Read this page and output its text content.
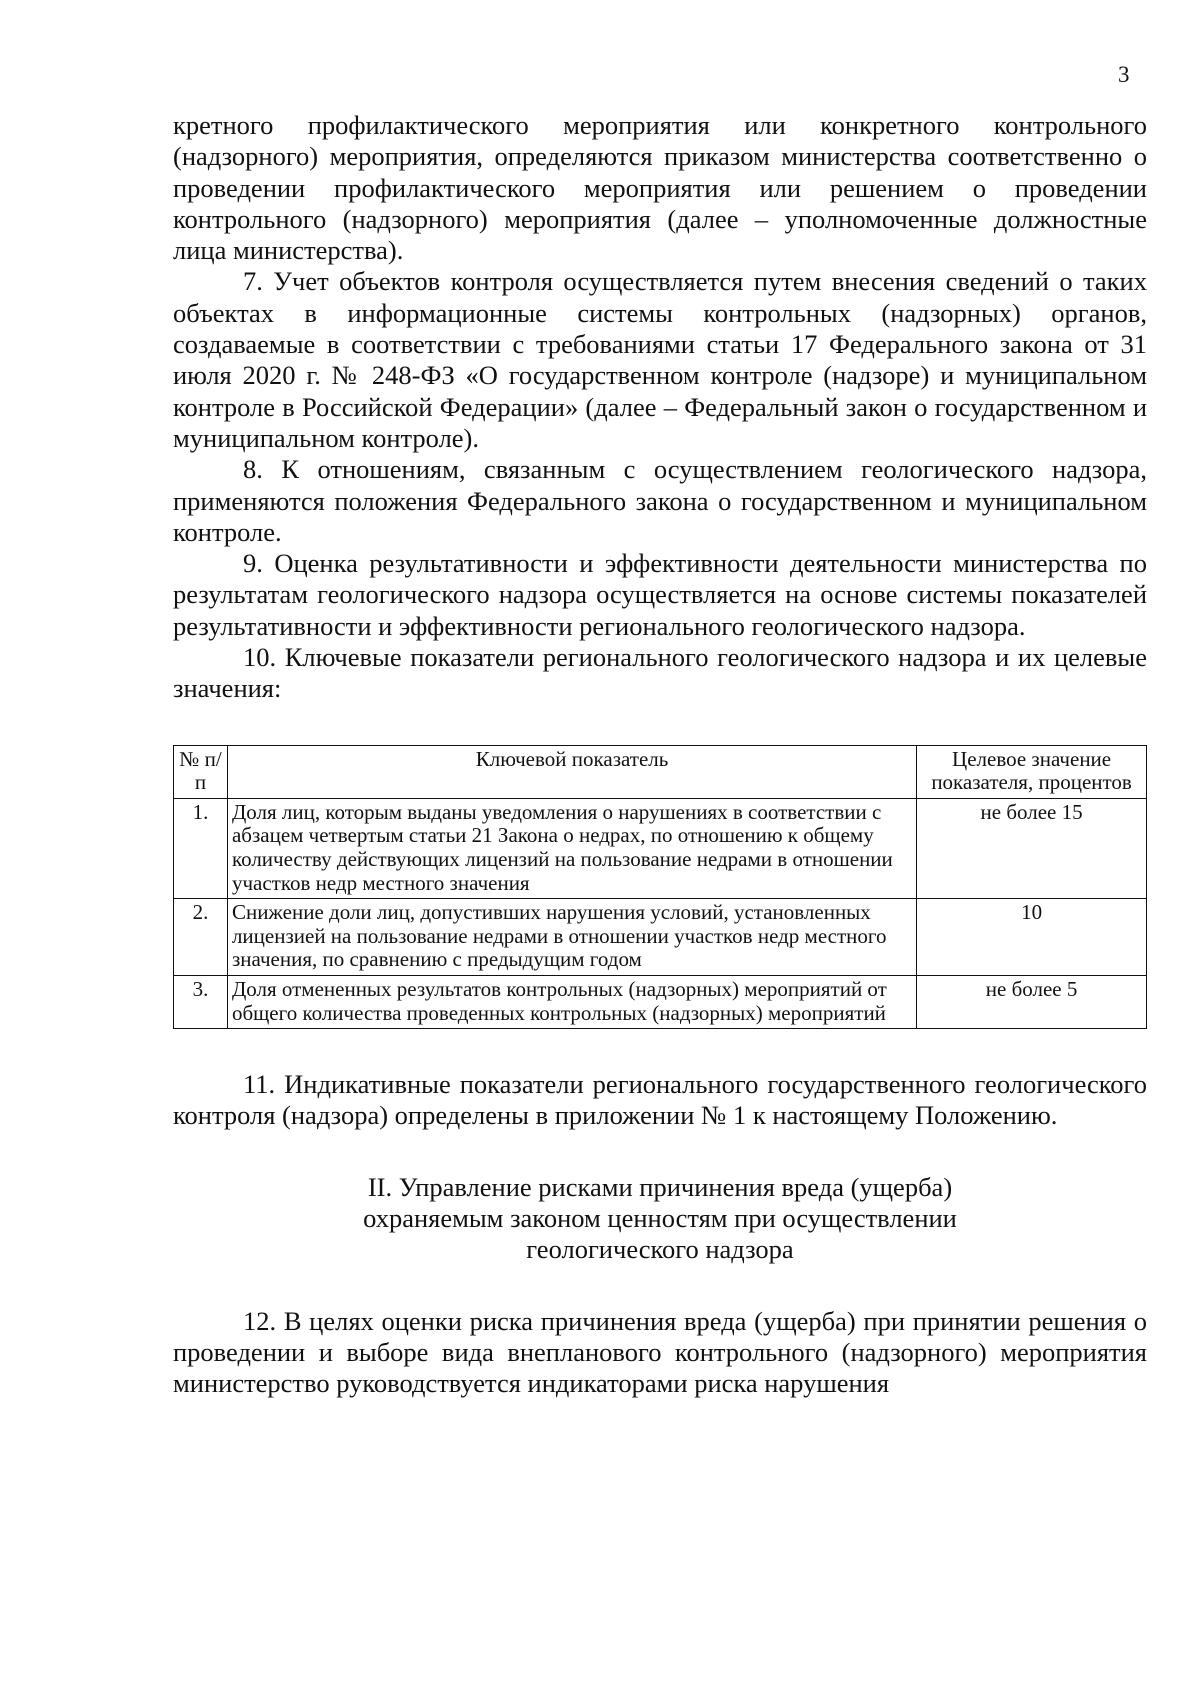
3

кретного профилактического мероприятия или конкретного контрольного (надзорного) мероприятия, определяются приказом министерства соответственно о проведении профилактического мероприятия или решением о проведении контрольного (надзорного) мероприятия (далее – уполномоченные должностные лица министерства).

7. Учет объектов контроля осуществляется путем внесения сведений о таких объектах в информационные системы контрольных (надзорных) органов, создаваемые в соответствии с требованиями статьи 17 Федерального закона от 31 июля 2020 г. № 248-ФЗ «О государственном контроле (надзоре) и муниципальном контроле в Российской Федерации» (далее – Федеральный закон о государственном и муниципальном контроле).

8. К отношениям, связанным с осуществлением геологического надзора, применяются положения Федерального закона о государственном и муниципальном контроле.

9. Оценка результативности и эффективности деятельности министерства по результатам геологического надзора осуществляется на основе системы показателей результативности и эффективности регионального геологического надзора.

10. Ключевые показатели регионального геологического надзора и их целевые значения:

№ п/п	Ключевой показатель	Целевое значение показателя, процентов
1.	Доля лиц, которым выданы уведомления о нарушениях в соответствии с абзацем четвертым статьи 21 Закона о недрах, по отношению к общему количеству действующих лицензий на пользование недрами в отношении участков недр местного значения	не более 15
2.	Снижение доли лиц, допустивших нарушения условий, установленных лицензией на пользование недрами в отношении участков недр местного значения, по сравнению с предыдущим годом	10
3.	Доля отмененных результатов контрольных (надзорных) мероприятий от общего количества проведенных контрольных (надзорных) мероприятий	не более 5

11. Индикативные показатели регионального государственного геологического контроля (надзора) определены в приложении № 1 к настоящему Положению.

II. Управление рисками причинения вреда (ущерба)
охраняемым законом ценностям при осуществлении
геологического надзора

12. В целях оценки риска причинения вреда (ущерба) при принятии решения о проведении и выборе вида внепланового контрольного (надзорного) мероприятия министерство руководствуется индикаторами риска нарушения
